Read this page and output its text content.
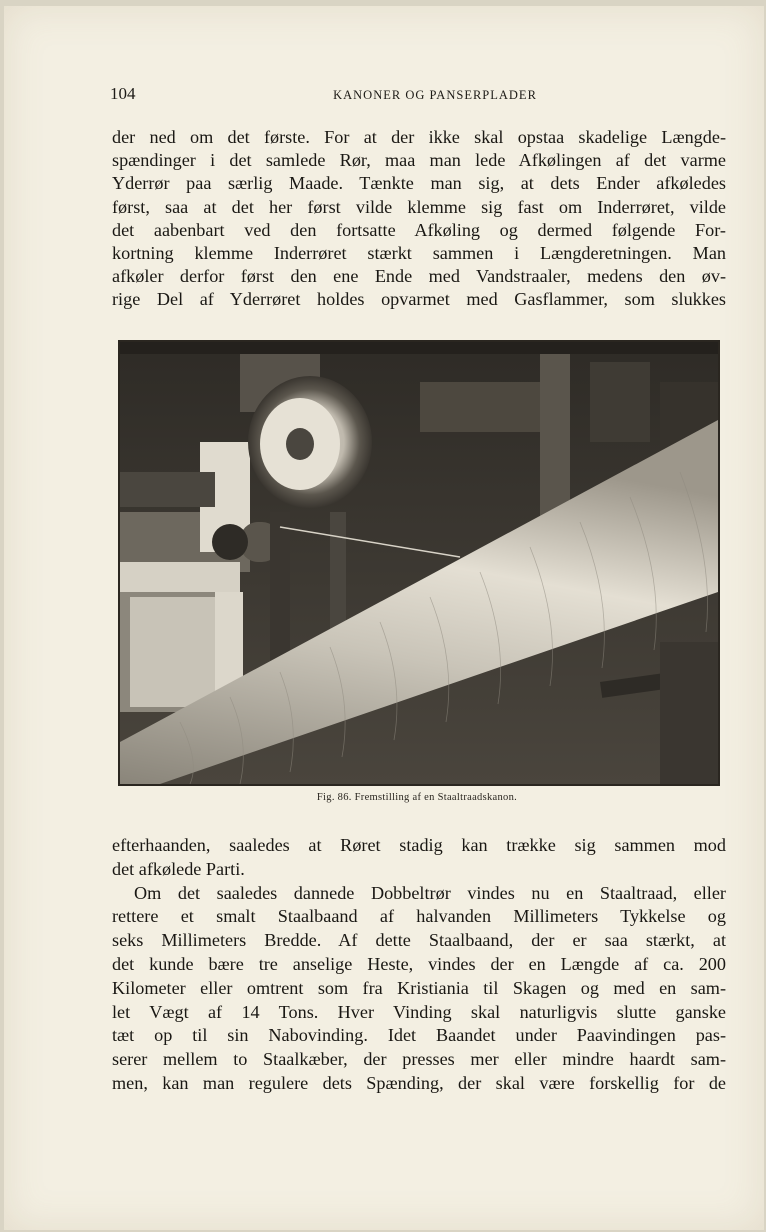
104	KANONER OG PANSERPLADER
der ned om det første. For at der ikke skal opstaa skadelige Længde-
spændinger i det samlede Rør, maa man lede Afkølingen af det varme
Yderrør paa særlig Maade. Tænkte man sig, at dets Ender afkøledes
først, saa at det her først vilde klemme sig fast om Inderrøret, vilde
det aabenbart ved den fortsatte Afkøling og dermed følgende For-
kortning klemme Inderrøret stærkt sammen i Længderetningen. Man
afkøler derfor først den ene Ende med Vandstraaler, medens den øv-
rige Del af Yderrøret holdes opvarmet med Gasflammer, som slukkes
Fig. 86. Fremstilling af en Staaltraadskanon.
efterhaanden, saaledes at Røret stadig kan trække sig sammen mod
det afkølede Parti.
Om det saaledes dannede Dobbeltrør vindes nu en Staaltraad, eller
rettere et smalt Staalbaand af halvanden Millimeters Tykkelse og
seks Millimeters Bredde. Af dette Staalbaand, der er saa stærkt, at
det kunde bære tre anselige Heste, vindes der en Længde af ca. 200
Kilometer eller omtrent som fra Kristiania til Skagen og med en sam-
let Vægt af 14 Tons. Hver Vinding skal naturligvis slutte ganske
tæt op til sin Nabovinding. Idet Baandet under Paavindingen pas-
serer mellem to Staalkæber, der presses mer eller mindre haardt sam-
men, kan man regulere dets Spænding, der skal være forskellig for de
